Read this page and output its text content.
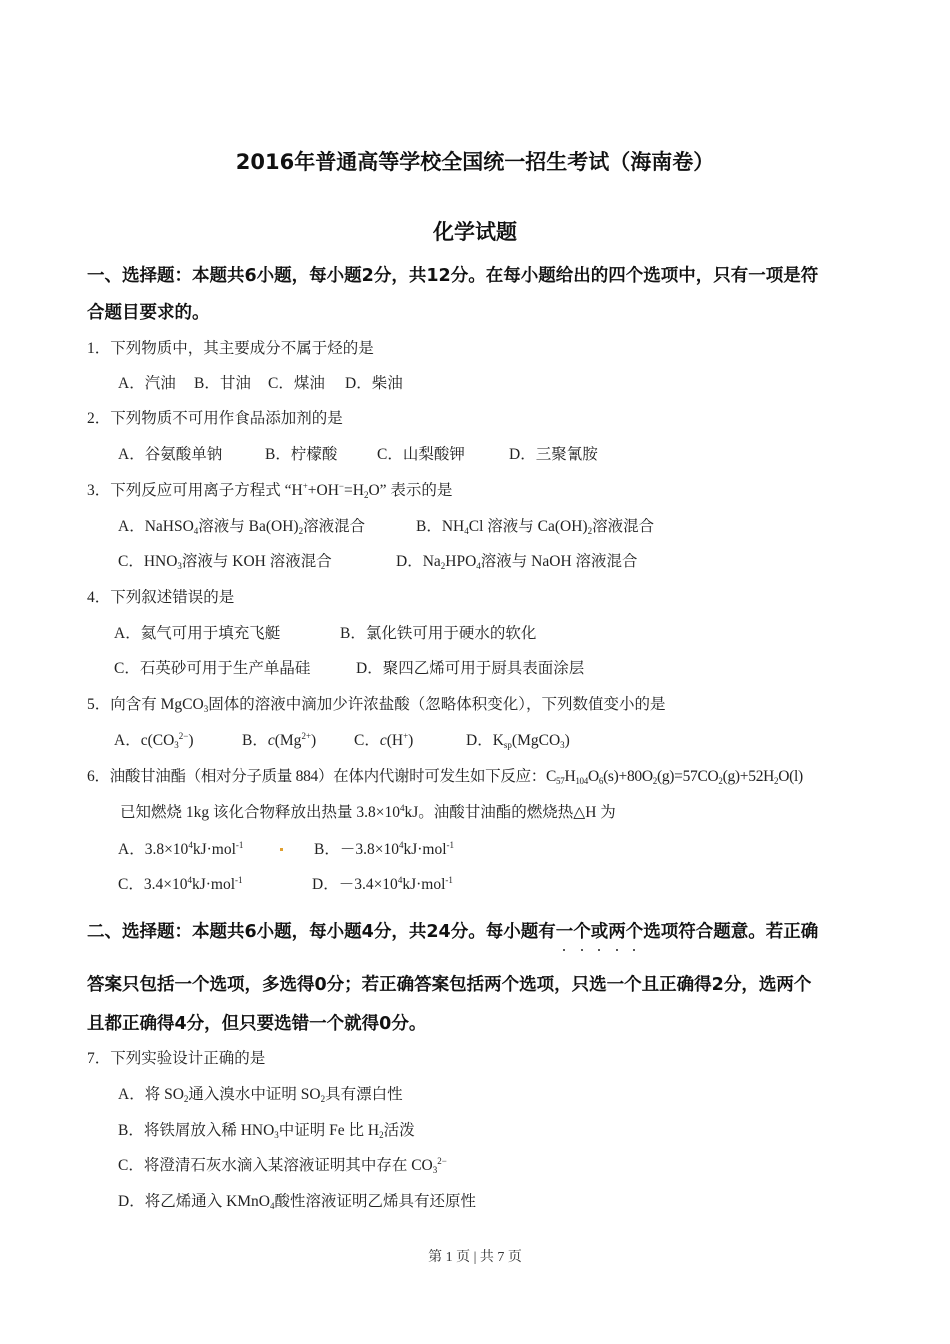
2016年普通高等学校全国统一招生考试（海南卷）
化学试题
一、选择题：本题共6小题，每小题2分，共12分。在每小题给出的四个选项中，只有一项是符
合题目要求的。
1．下列物质中，其主要成分不属于烃的是
A．汽油 B．甘油 C．煤油 D．柴油
2．下列物质不可用作食品添加剂的是
A．谷氨酸单钠	B．柠檬酸	C．山梨酸钾	D．三聚氰胺
3．下列反应可用离子方程式 “$H^++OH^-=H_2O$” 表示的是
A．NaHSO$_4$溶液与 $Ba(OH)_2$溶液混合	B．$NH_4Cl$ 溶液与 $Ca(OH)_2$溶液混合
C．$HNO_3$溶液与 KOH 溶液混合	D．$Na_2HPO_4$溶液与 NaOH 溶液混合
4．下列叙述错误的是
A．氦气可用于填充飞艇	B．氯化铁可用于硬水的软化
C．石英砂可用于生产单晶硅	D．聚四乙烯可用于厨具表面涂层
5．向含有 MgCO$_3$固体的溶液中滴加少许浓盐酸（忽略体积变化），下列数值变小的是
A．$c(CO_3^{2-})$	B．$c(Mg^{2+})$ C．c(H+)	D．$K_{sp}(MgCO_3)$
6．油酸甘油酯（相对分子质量 884）在体内代谢时可发生如下反应：$C_{57}H_{104}O_6(s)+80O_2(g)=57CO_2(g)+52H_2O(l)$
已知燃烧 1kg 该化合物释放出热量 $3.8\times 10^4kJ$。油酸甘油酯的燃烧热△H 为
A．$3.8\times 10^4kJ\cdot mol^{-1}$	B．$-3.8\times 10^4kJ\cdot mol^{-1}$
C．$3.4\times 10^4kJ\cdot mol^{-1}$	D．$-3.4\times 10^4kJ\cdot mol^{-1}$
二、选择题：本题共6小题，每小题4分，共24分。每小题有一个或两个选项符合题意。若正确
答案只包括一个选项，多选得0分；若正确答案包括两个选项，只选一个且正确得2分，选两个
且都正确得4分，但只要选错一个就得0分。
7．下列实验设计正确的是
A．将 $SO_2$通入溴水中证明 $SO_2$具有漂白性
B．将铁屑放入稀 $HNO_3$中证明 Fe 比 $H_2$活泼
C．将澄清石灰水滴入某溶液证明其中存在 $CO_3^{2-}$
D．将乙烯通入 KMnO$_4$酸性溶液证明乙烯具有还原性
第 1 页 | 共 7 页
